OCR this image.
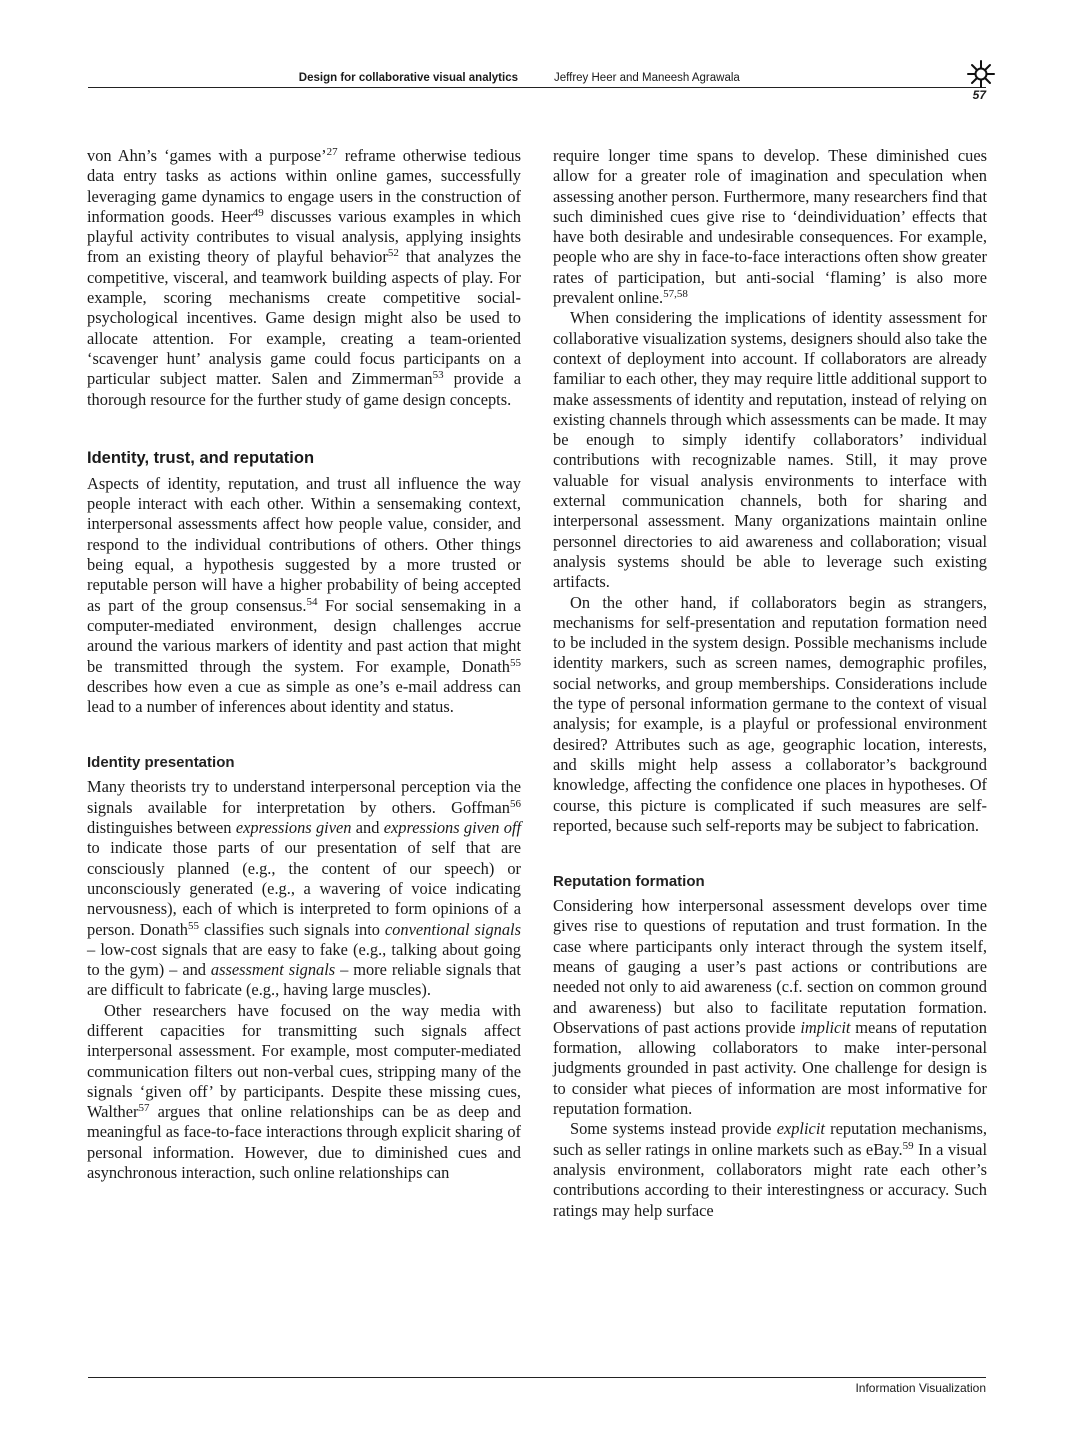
Design for collaborative visual analytics	Jeffrey Heer and Maneesh Agrawala
57

von Ahn’s ‘games with a purpose’$^{27}$ reframe otherwise tedious data entry tasks as actions within online games, successfully leveraging game dynamics to engage users in the construction of information goods. Heer$^{49}$ discusses various examples in which playful activity contributes to visual analysis, applying insights from an existing theory of playful behavior$^{52}$ that analyzes the competitive, visceral, and teamwork building aspects of play. For example, scoring mechanisms create competitive social-psychological incentives. Game design might also be used to allocate attention. For example, creating a team-oriented ‘scavenger hunt’ analysis game could focus participants on a particular subject matter. Salen and Zimmerman$^{53}$ provide a thorough resource for the further study of game design concepts.

Identity, trust, and reputation

Aspects of identity, reputation, and trust all influence the way people interact with each other. Within a sensemaking context, interpersonal assessments affect how people value, consider, and respond to the individual contributions of others. Other things being equal, a hypothesis suggested by a more trusted or reputable person will have a higher probability of being accepted as part of the group consensus.$^{54}$ For social sensemaking in a computer-mediated environment, design challenges accrue around the various markers of identity and past action that might be transmitted through the system. For example, Donath$^{55}$ describes how even a cue as simple as one’s e-mail address can lead to a number of inferences about identity and status.

Identity presentation

Many theorists try to understand interpersonal perception via the signals available for interpretation by others. Goffman$^{56}$ distinguishes between expressions given and expressions given off to indicate those parts of our presentation of self that are consciously planned (e.g., the content of our speech) or unconsciously generated (e.g., a wavering of voice indicating nervousness), each of which is interpreted to form opinions of a person. Donath$^{55}$ classifies such signals into conventional signals – low-cost signals that are easy to fake (e.g., talking about going to the gym) – and assessment signals – more reliable signals that are difficult to fabricate (e.g., having large muscles).

Other researchers have focused on the way media with different capacities for transmitting such signals affect interpersonal assessment. For example, most computer-mediated communication filters out non-verbal cues, stripping many of the signals ‘given off’ by participants. Despite these missing cues, Walther$^{57}$ argues that online relationships can be as deep and meaningful as face-to-face interactions through explicit sharing of personal information. However, due to diminished cues and asynchronous interaction, such online relationships can

require longer time spans to develop. These diminished cues allow for a greater role of imagination and speculation when assessing another person. Furthermore, many researchers find that such diminished cues give rise to ‘deindividuation’ effects that have both desirable and undesirable consequences. For example, people who are shy in face-to-face interactions often show greater rates of participation, but anti-social ‘flaming’ is also more prevalent online.$^{57,58}$

When considering the implications of identity assessment for collaborative visualization systems, designers should also take the context of deployment into account. If collaborators are already familiar to each other, they may require little additional support to make assessments of identity and reputation, instead of relying on existing channels through which assessments can be made. It may be enough to simply identify collaborators’ individual contributions with recognizable names. Still, it may prove valuable for visual analysis environments to interface with external communication channels, both for sharing and interpersonal assessment. Many organizations maintain online personnel directories to aid awareness and collaboration; visual analysis systems should be able to leverage such existing artifacts.

On the other hand, if collaborators begin as strangers, mechanisms for self-presentation and reputation formation need to be included in the system design. Possible mechanisms include identity markers, such as screen names, demographic profiles, social networks, and group memberships. Considerations include the type of personal information germane to the context of visual analysis; for example, is a playful or professional environment desired? Attributes such as age, geographic location, interests, and skills might help assess a collaborator’s background knowledge, affecting the confidence one places in hypotheses. Of course, this picture is complicated if such measures are self-reported, because such self-reports may be subject to fabrication.

Reputation formation

Considering how interpersonal assessment develops over time gives rise to questions of reputation and trust formation. In the case where participants only interact through the system itself, means of gauging a user’s past actions or contributions are needed not only to aid awareness (c.f. section on common ground and awareness) but also to facilitate reputation formation. Observations of past actions provide implicit means of reputation formation, allowing collaborators to make inter-personal judgments grounded in past activity. One challenge for design is to consider what pieces of information are most informative for reputation formation.

Some systems instead provide explicit reputation mechanisms, such as seller ratings in online markets such as eBay.$^{59}$ In a visual analysis environment, collaborators might rate each other’s contributions according to their interestingness or accuracy. Such ratings may help surface

Information Visualization
